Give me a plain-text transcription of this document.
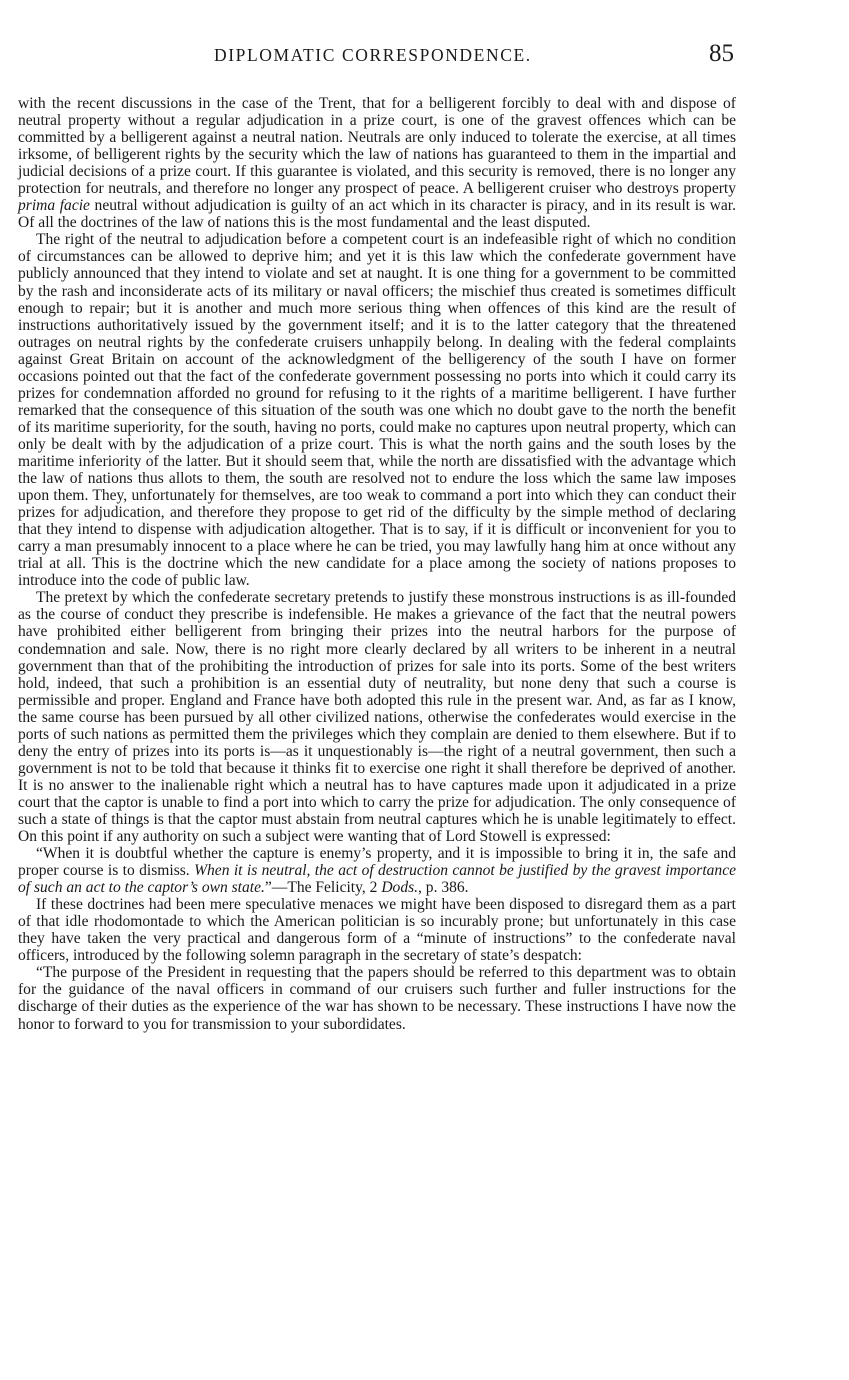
DIPLOMATIC CORRESPONDENCE.	85

with the recent discussions in the case of the Trent, that for a belligerent forcibly to deal with and dispose of neutral property without a regular adjudication in a prize court, is one of the gravest offences which can be committed by a belligerent against a neutral nation. Neutrals are only induced to tolerate the exercise, at all times irksome, of belligerent rights by the security which the law of nations has guaranteed to them in the impartial and judicial decisions of a prize court. If this guarantee is violated, and this security is removed, there is no longer any protection for neutrals, and therefore no longer any prospect of peace. A belligerent cruiser who destroys property prima facie neutral without adjudication is guilty of an act which in its character is piracy, and in its result is war. Of all the doctrines of the law of nations this is the most fundamental and the least disputed.

The right of the neutral to adjudication before a competent court is an indefeasible right of which no condition of circumstances can be allowed to deprive him; and yet it is this law which the confederate government have publicly announced that they intend to violate and set at naught. It is one thing for a government to be committed by the rash and inconsiderate acts of its military or naval officers; the mischief thus created is sometimes difficult enough to repair; but it is another and much more serious thing when offences of this kind are the result of instructions authoritatively issued by the government itself; and it is to the latter category that the threatened outrages on neutral rights by the confederate cruisers unhappily belong. In dealing with the federal complaints against Great Britain on account of the acknowledgment of the belligerency of the south I have on former occasions pointed out that the fact of the confederate government possessing no ports into which it could carry its prizes for condemnation afforded no ground for refusing to it the rights of a maritime belligerent. I have further remarked that the consequence of this situation of the south was one which no doubt gave to the north the benefit of its maritime superiority, for the south, having no ports, could make no captures upon neutral property, which can only be dealt with by the adjudication of a prize court. This is what the north gains and the south loses by the maritime inferiority of the latter. But it should seem that, while the north are dissatisfied with the advantage which the law of nations thus allots to them, the south are resolved not to endure the loss which the same law imposes upon them. They, unfortunately for themselves, are too weak to command a port into which they can conduct their prizes for adjudication, and therefore they propose to get rid of the difficulty by the simple method of declaring that they intend to dispense with adjudication altogether. That is to say, if it is difficult or inconvenient for you to carry a man presumably innocent to a place where he can be tried, you may lawfully hang him at once without any trial at all. This is the doctrine which the new candidate for a place among the society of nations proposes to introduce into the code of public law.

The pretext by which the confederate secretary pretends to justify these monstrous instructions is as ill-founded as the course of conduct they prescribe is indefensible. He makes a grievance of the fact that the neutral powers have prohibited either belligerent from bringing their prizes into the neutral harbors for the purpose of condemnation and sale. Now, there is no right more clearly declared by all writers to be inherent in a neutral government than that of the prohibiting the introduction of prizes for sale into its ports. Some of the best writers hold, indeed, that such a prohibition is an essential duty of neutrality, but none deny that such a course is permissible and proper. England and France have both adopted this rule in the present war. And, as far as I know, the same course has been pursued by all other civilized nations, otherwise the confederates would exercise in the ports of such nations as permitted them the privileges which they complain are denied to them elsewhere. But if to deny the entry of prizes into its ports is—as it unquestionably is—the right of a neutral government, then such a government is not to be told that because it thinks fit to exercise one right it shall therefore be deprived of another. It is no answer to the inalienable right which a neutral has to have captures made upon it adjudicated in a prize court that the captor is unable to find a port into which to carry the prize for adjudication. The only consequence of such a state of things is that the captor must abstain from neutral captures which he is unable legitimately to effect. On this point if any authority on such a subject were wanting that of Lord Stowell is expressed:

“When it is doubtful whether the capture is enemy’s property, and it is impossible to bring it in, the safe and proper course is to dismiss. When it is neutral, the act of destruction cannot be justified by the gravest importance of such an act to the captor’s own state.”—The Felicity, 2 Dods., p. 386.

If these doctrines had been mere speculative menaces we might have been disposed to disregard them as a part of that idle rhodomontade to which the American politician is so incurably prone; but unfortunately in this case they have taken the very practical and dangerous form of a “minute of instructions” to the confederate naval officers, introduced by the following solemn paragraph in the secretary of state’s despatch:

“The purpose of the President in requesting that the papers should be referred to this department was to obtain for the guidance of the naval officers in command of our cruisers such further and fuller instructions for the discharge of their duties as the experience of the war has shown to be necessary. These instructions I have now the honor to forward to you for transmission to your subordidates.
